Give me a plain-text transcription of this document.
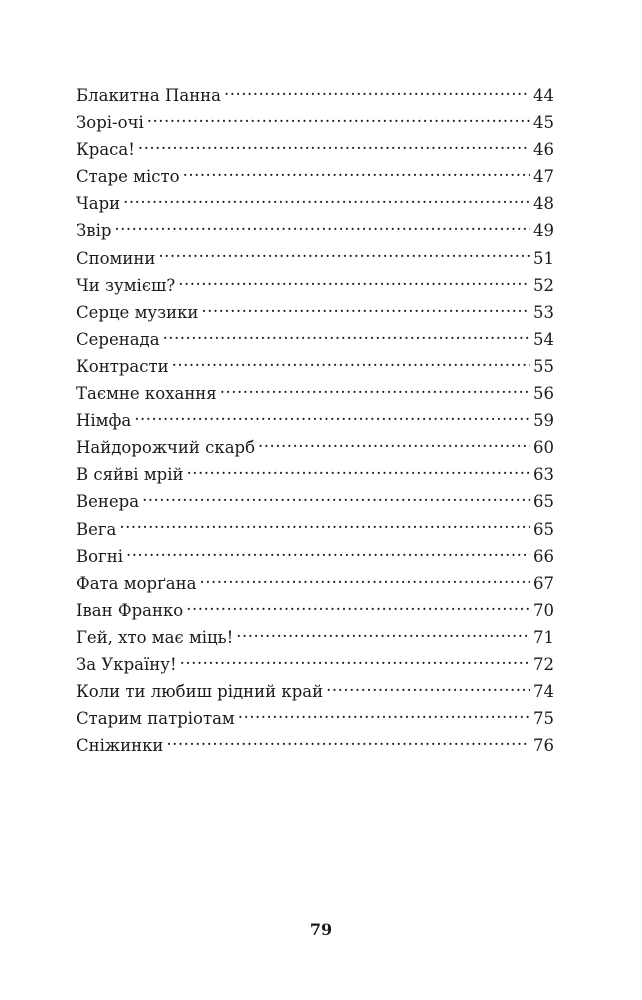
Блакитна Панна .....	44
Зорі-очі .....	45
Краса! .....	46
Старе місто .....	47
Чари .....	48
Звір .....	49
Спомини .....	51
Чи зумієш? .....	52
Серце музики .....	53
Серенада .....	54
Контрасти .....	55
Таємне кохання .....	56
Німфа .....	59
Найдорожчий скарб .....	60
В сяйві мрій .....	63
Венера .....	65
Вега .....	65
Вогні .....	66
Фата морґана .....	67
Іван Франко .....	70
Гей, хто має міць! .....	71
За Україну! .....	72
Коли ти любиш рідний край .....	74
Старим патріотам .....	75
Сніжинки .....	76
79
